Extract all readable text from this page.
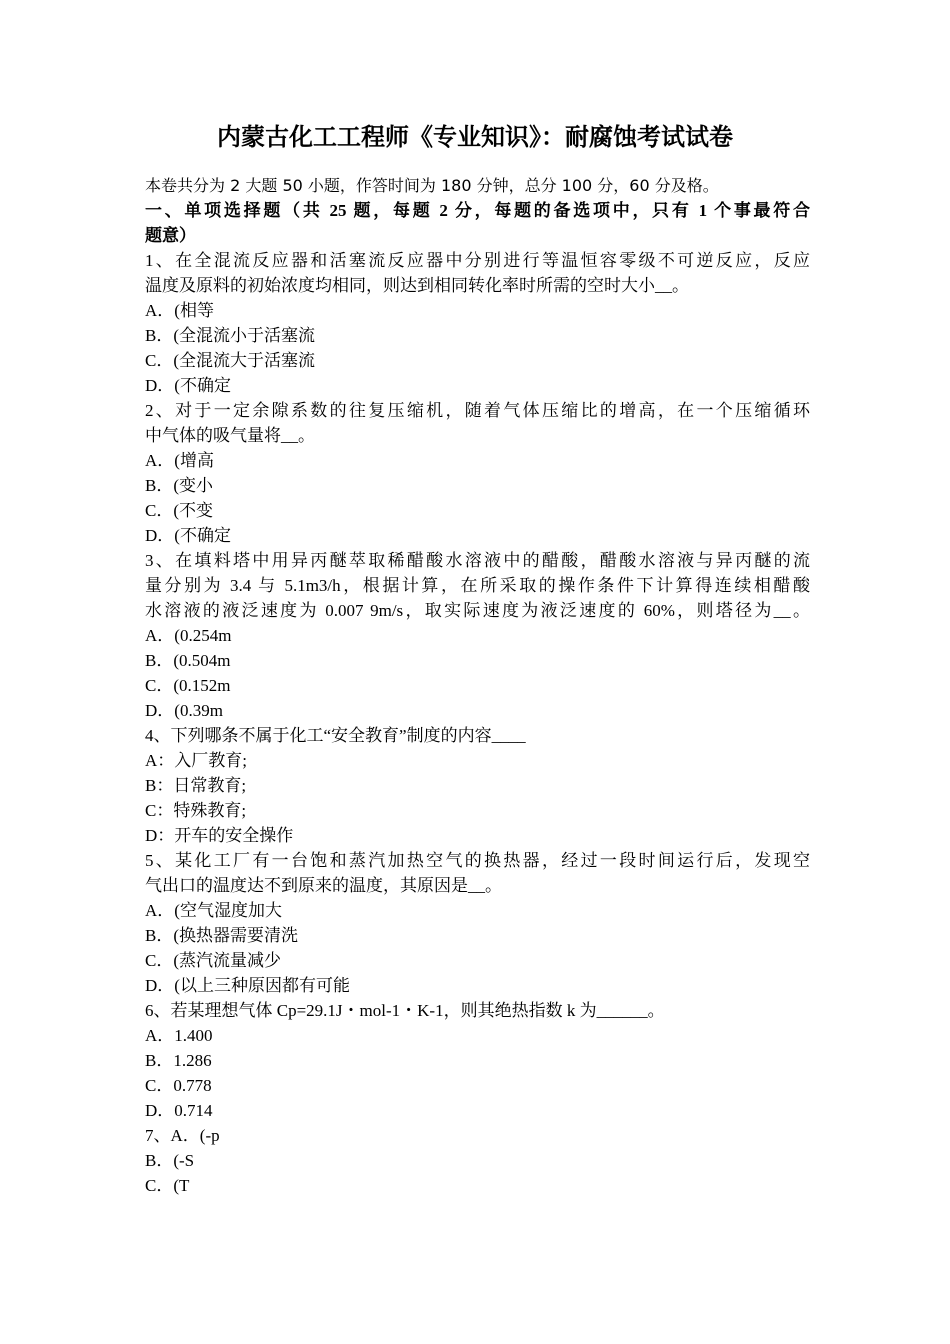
内蒙古化工工程师《专业知识》：耐腐蚀考试试卷
本卷共分为 2 大题 50 小题，作答时间为 180 分钟，总分 100 分，60 分及格。
一、单项选择题（共 25 题，每题 2 分，每题的备选项中，只有 1 个事最符合
题意）
1、在全混流反应器和活塞流反应器中分别进行等温恒容零级不可逆反应，反应
温度及原料的初始浓度均相同，则达到相同转化率时所需的空时大小__。
A．(相等
B．(全混流小于活塞流
C．(全混流大于活塞流
D．(不确定
2、对于一定余隙系数的往复压缩机，随着气体压缩比的增高，在一个压缩循环
中气体的吸气量将__。
A．(增高
B．(变小
C．(不变
D．(不确定
3、在填料塔中用异丙醚萃取稀醋酸水溶液中的醋酸，醋酸水溶液与异丙醚的流
量分别为 3.4 与 5.1m3/h，根据计算，在所采取的操作条件下计算得连续相醋酸
水溶液的液泛速度为 0.007 9m/s，取实际速度为液泛速度的 60%，则塔径为__。
A．(0.254m
B．(0.504m
C．(0.152m
D．(0.39m
4、下列哪条不属于化工“安全教育”制度的内容____
A：入厂教育;
B：日常教育;
C：特殊教育;
D：开车的安全操作
5、某化工厂有一台饱和蒸汽加热空气的换热器，经过一段时间运行后，发现空
气出口的温度达不到原来的温度，其原因是__。
A．(空气湿度加大
B．(换热器需要清洗
C．(蒸汽流量减少
D．(以上三种原因都有可能
6、若某理想气体 Cp=29.1J・mol-1・K-1，则其绝热指数 k 为______。
A．1.400
B．1.286
C．0.778
D．0.714
7、A．(-p
B．(-S
C．(T
